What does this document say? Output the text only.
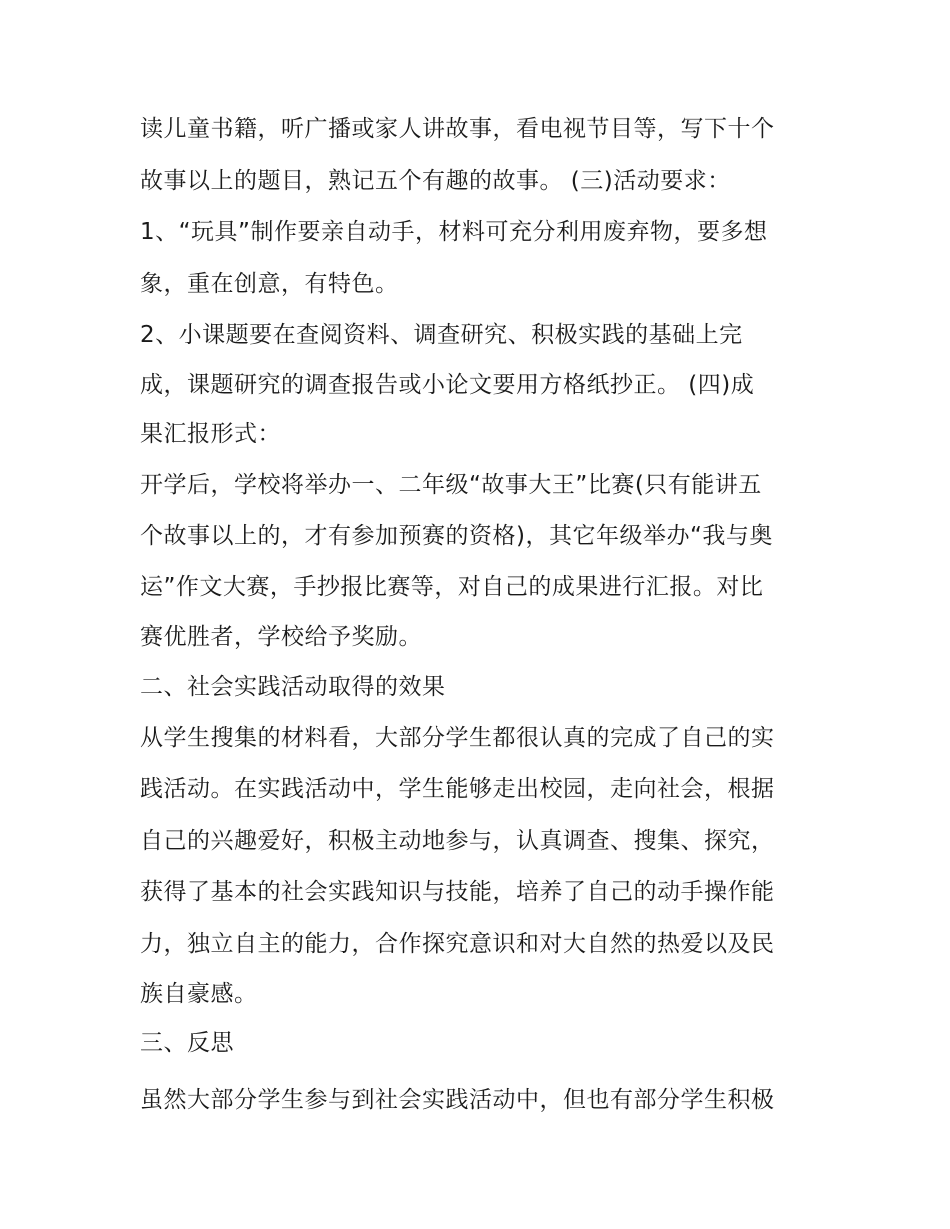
读儿童书籍，听广播或家人讲故事，看电视节目等，写下十个

故事以上的题目，熟记五个有趣的故事。 (三)活动要求：

1、“玩具”制作要亲自动手，材料可充分利用废弃物，要多想

象，重在创意，有特色。

2、小课题要在查阅资料、调查研究、积极实践的基础上完

成，课题研究的调查报告或小论文要用方格纸抄正。 (四)成

果汇报形式：

开学后，学校将举办一、二年级“故事大王”比赛(只有能讲五

个故事以上的，才有参加预赛的资格)，其它年级举办“我与奥

运”作文大赛，手抄报比赛等，对自己的成果进行汇报。对比

赛优胜者，学校给予奖励。

二、社会实践活动取得的效果

从学生搜集的材料看，大部分学生都很认真的完成了自己的实

践活动。在实践活动中，学生能够走出校园，走向社会，根据

自己的兴趣爱好，积极主动地参与，认真调查、搜集、探究，

获得了基本的社会实践知识与技能，培养了自己的动手操作能

力，独立自主的能力，合作探究意识和对大自然的热爱以及民

族自豪感。

三、反思

虽然大部分学生参与到社会实践活动中，但也有部分学生积极
